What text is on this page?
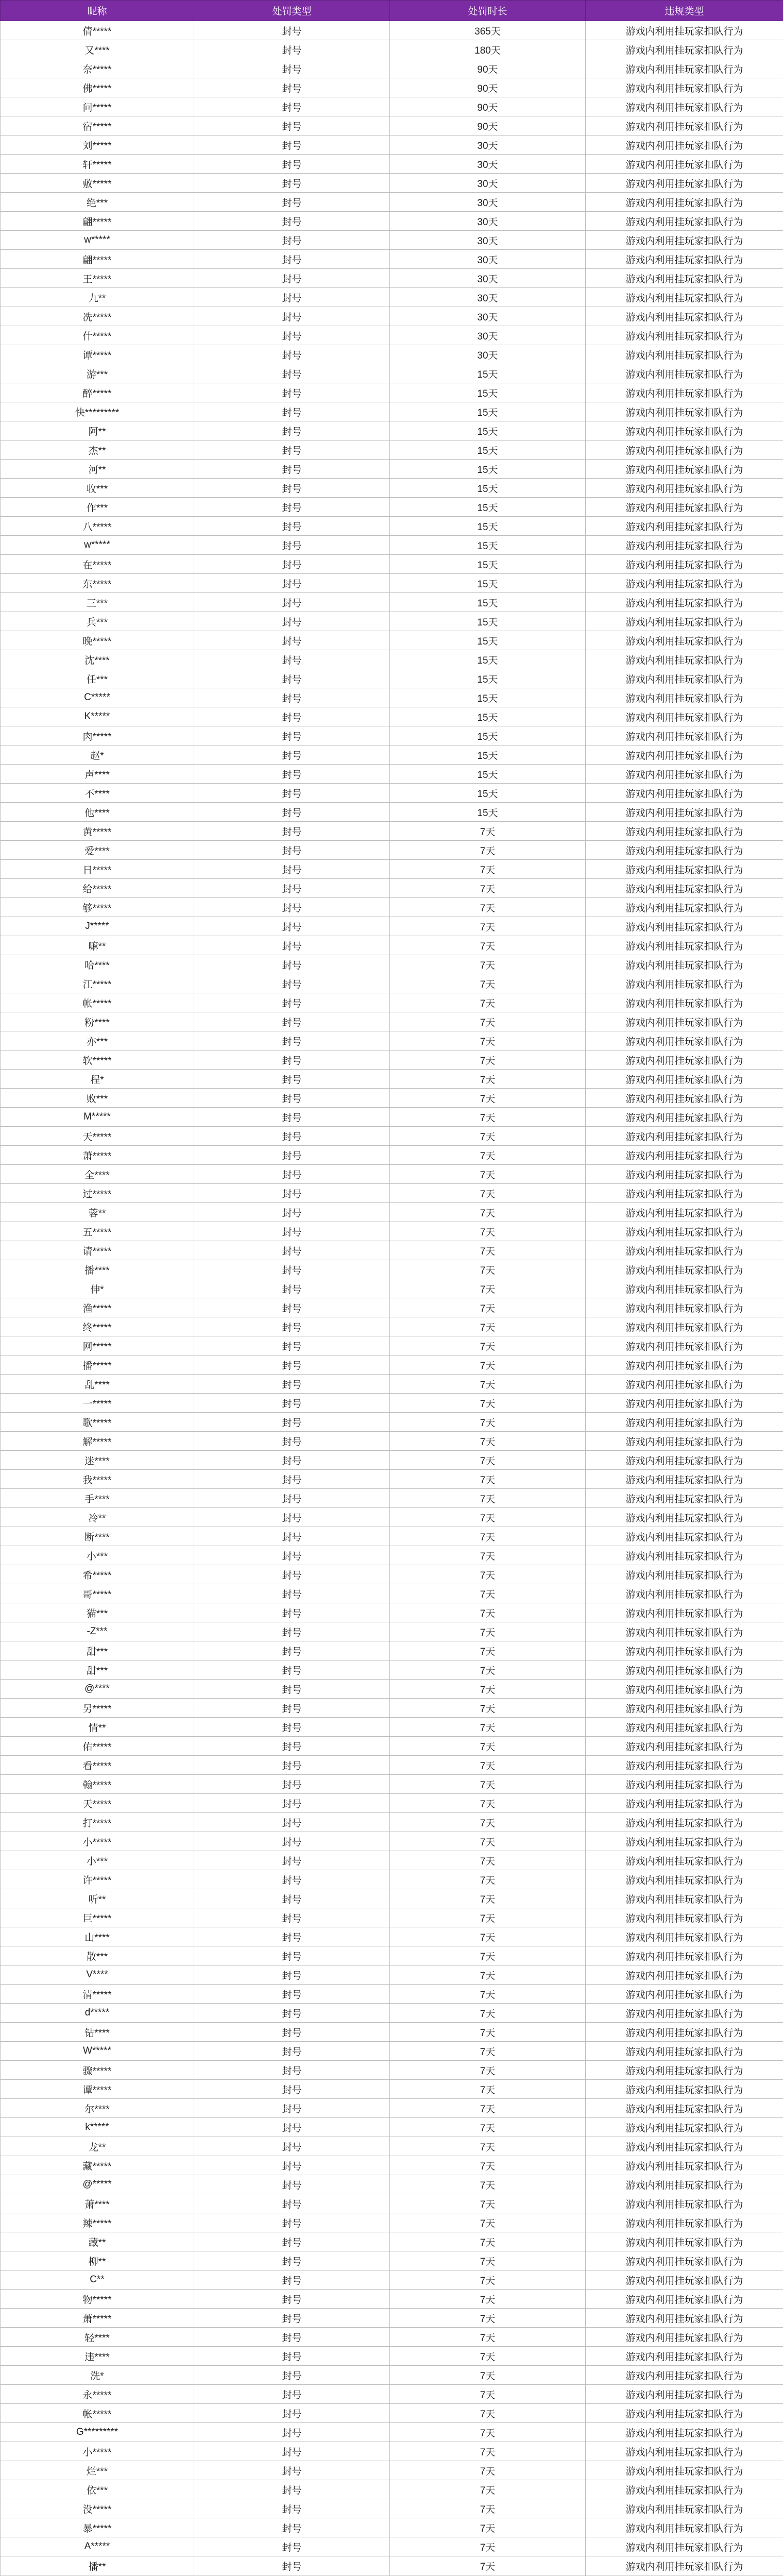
昵称	处罚类型	处罚时长	违规类型
倩*****	封号	365天	游戏内利用挂玩家扣队行为
又****	封号	180天	游戏内利用挂玩家扣队行为
奈*****	封号	90天	游戏内利用挂玩家扣队行为
佛*****	封号	90天	游戏内利用挂玩家扣队行为
问*****	封号	90天	游戏内利用挂玩家扣队行为
宿*****	封号	90天	游戏内利用挂玩家扣队行为
刘*****	封号	30天	游戏内利用挂玩家扣队行为
轩*****	封号	30天	游戏内利用挂玩家扣队行为
敷*****	封号	30天	游戏内利用挂玩家扣队行为
绝***	封号	30天	游戏内利用挂玩家扣队行为
翩*****	封号	30天	游戏内利用挂玩家扣队行为
w*****	封号	30天	游戏内利用挂玩家扣队行为
翩*****	封号	30天	游戏内利用挂玩家扣队行为
王*****	封号	30天	游戏内利用挂玩家扣队行为
九**	封号	30天	游戏内利用挂玩家扣队行为
冼*****	封号	30天	游戏内利用挂玩家扣队行为
什*****	封号	30天	游戏内利用挂玩家扣队行为
谭*****	封号	30天	游戏内利用挂玩家扣队行为
游***	封号	15天	游戏内利用挂玩家扣队行为
醉*****	封号	15天	游戏内利用挂玩家扣队行为
快*********	封号	15天	游戏内利用挂玩家扣队行为
阿**	封号	15天	游戏内利用挂玩家扣队行为
杰**	封号	15天	游戏内利用挂玩家扣队行为
河**	封号	15天	游戏内利用挂玩家扣队行为
收***	封号	15天	游戏内利用挂玩家扣队行为
作***	封号	15天	游戏内利用挂玩家扣队行为
八*****	封号	15天	游戏内利用挂玩家扣队行为
w*****	封号	15天	游戏内利用挂玩家扣队行为
在*****	封号	15天	游戏内利用挂玩家扣队行为
东*****	封号	15天	游戏内利用挂玩家扣队行为
三***	封号	15天	游戏内利用挂玩家扣队行为
兵***	封号	15天	游戏内利用挂玩家扣队行为
晚*****	封号	15天	游戏内利用挂玩家扣队行为
沈****	封号	15天	游戏内利用挂玩家扣队行为
任***	封号	15天	游戏内利用挂玩家扣队行为
C*****	封号	15天	游戏内利用挂玩家扣队行为
K*****	封号	15天	游戏内利用挂玩家扣队行为
肉*****	封号	15天	游戏内利用挂玩家扣队行为
赵*	封号	15天	游戏内利用挂玩家扣队行为
声****	封号	15天	游戏内利用挂玩家扣队行为
不****	封号	15天	游戏内利用挂玩家扣队行为
他****	封号	15天	游戏内利用挂玩家扣队行为
黄*****	封号	7天	游戏内利用挂玩家扣队行为
爱****	封号	7天	游戏内利用挂玩家扣队行为
日*****	封号	7天	游戏内利用挂玩家扣队行为
给*****	封号	7天	游戏内利用挂玩家扣队行为
够*****	封号	7天	游戏内利用挂玩家扣队行为
J*****	封号	7天	游戏内利用挂玩家扣队行为
嘛**	封号	7天	游戏内利用挂玩家扣队行为
哈****	封号	7天	游戏内利用挂玩家扣队行为
江*****	封号	7天	游戏内利用挂玩家扣队行为
帐*****	封号	7天	游戏内利用挂玩家扣队行为
粉****	封号	7天	游戏内利用挂玩家扣队行为
亦***	封号	7天	游戏内利用挂玩家扣队行为
软*****	封号	7天	游戏内利用挂玩家扣队行为
程*	封号	7天	游戏内利用挂玩家扣队行为
败***	封号	7天	游戏内利用挂玩家扣队行为
M*****	封号	7天	游戏内利用挂玩家扣队行为
天*****	封号	7天	游戏内利用挂玩家扣队行为
萧*****	封号	7天	游戏内利用挂玩家扣队行为
全****	封号	7天	游戏内利用挂玩家扣队行为
过*****	封号	7天	游戏内利用挂玩家扣队行为
蓉**	封号	7天	游戏内利用挂玩家扣队行为
五*****	封号	7天	游戏内利用挂玩家扣队行为
请*****	封号	7天	游戏内利用挂玩家扣队行为
播****	封号	7天	游戏内利用挂玩家扣队行为
伸*	封号	7天	游戏内利用挂玩家扣队行为
渔*****	封号	7天	游戏内利用挂玩家扣队行为
终*****	封号	7天	游戏内利用挂玩家扣队行为
网*****	封号	7天	游戏内利用挂玩家扣队行为
播*****	封号	7天	游戏内利用挂玩家扣队行为
乱****	封号	7天	游戏内利用挂玩家扣队行为
一*****	封号	7天	游戏内利用挂玩家扣队行为
歌*****	封号	7天	游戏内利用挂玩家扣队行为
解*****	封号	7天	游戏内利用挂玩家扣队行为
迷****	封号	7天	游戏内利用挂玩家扣队行为
我*****	封号	7天	游戏内利用挂玩家扣队行为
手****	封号	7天	游戏内利用挂玩家扣队行为
冷**	封号	7天	游戏内利用挂玩家扣队行为
断****	封号	7天	游戏内利用挂玩家扣队行为
小***	封号	7天	游戏内利用挂玩家扣队行为
希*****	封号	7天	游戏内利用挂玩家扣队行为
哥*****	封号	7天	游戏内利用挂玩家扣队行为
猫***	封号	7天	游戏内利用挂玩家扣队行为
-Z***	封号	7天	游戏内利用挂玩家扣队行为
甜***	封号	7天	游戏内利用挂玩家扣队行为
甜***	封号	7天	游戏内利用挂玩家扣队行为
@****	封号	7天	游戏内利用挂玩家扣队行为
另*****	封号	7天	游戏内利用挂玩家扣队行为
情**	封号	7天	游戏内利用挂玩家扣队行为
佑*****	封号	7天	游戏内利用挂玩家扣队行为
看*****	封号	7天	游戏内利用挂玩家扣队行为
翰*****	封号	7天	游戏内利用挂玩家扣队行为
天*****	封号	7天	游戏内利用挂玩家扣队行为
打*****	封号	7天	游戏内利用挂玩家扣队行为
小*****	封号	7天	游戏内利用挂玩家扣队行为
小***	封号	7天	游戏内利用挂玩家扣队行为
许*****	封号	7天	游戏内利用挂玩家扣队行为
听**	封号	7天	游戏内利用挂玩家扣队行为
巨*****	封号	7天	游戏内利用挂玩家扣队行为
山****	封号	7天	游戏内利用挂玩家扣队行为
散***	封号	7天	游戏内利用挂玩家扣队行为
V****	封号	7天	游戏内利用挂玩家扣队行为
清*****	封号	7天	游戏内利用挂玩家扣队行为
d*****	封号	7天	游戏内利用挂玩家扣队行为
钻****	封号	7天	游戏内利用挂玩家扣队行为
W*****	封号	7天	游戏内利用挂玩家扣队行为
骤*****	封号	7天	游戏内利用挂玩家扣队行为
谭*****	封号	7天	游戏内利用挂玩家扣队行为
尔****	封号	7天	游戏内利用挂玩家扣队行为
k*****	封号	7天	游戏内利用挂玩家扣队行为
龙**	封号	7天	游戏内利用挂玩家扣队行为
藏*****	封号	7天	游戏内利用挂玩家扣队行为
@*****	封号	7天	游戏内利用挂玩家扣队行为
萧****	封号	7天	游戏内利用挂玩家扣队行为
辣*****	封号	7天	游戏内利用挂玩家扣队行为
藏**	封号	7天	游戏内利用挂玩家扣队行为
柳**	封号	7天	游戏内利用挂玩家扣队行为
C**	封号	7天	游戏内利用挂玩家扣队行为
物*****	封号	7天	游戏内利用挂玩家扣队行为
萧*****	封号	7天	游戏内利用挂玩家扣队行为
轻****	封号	7天	游戏内利用挂玩家扣队行为
违****	封号	7天	游戏内利用挂玩家扣队行为
洗*	封号	7天	游戏内利用挂玩家扣队行为
永*****	封号	7天	游戏内利用挂玩家扣队行为
帐*****	封号	7天	游戏内利用挂玩家扣队行为
G*********	封号	7天	游戏内利用挂玩家扣队行为
小*****	封号	7天	游戏内利用挂玩家扣队行为
烂***	封号	7天	游戏内利用挂玩家扣队行为
依***	封号	7天	游戏内利用挂玩家扣队行为
没*****	封号	7天	游戏内利用挂玩家扣队行为
暴*****	封号	7天	游戏内利用挂玩家扣队行为
A*****	封号	7天	游戏内利用挂玩家扣队行为
播**	封号	7天	游戏内利用挂玩家扣队行为
